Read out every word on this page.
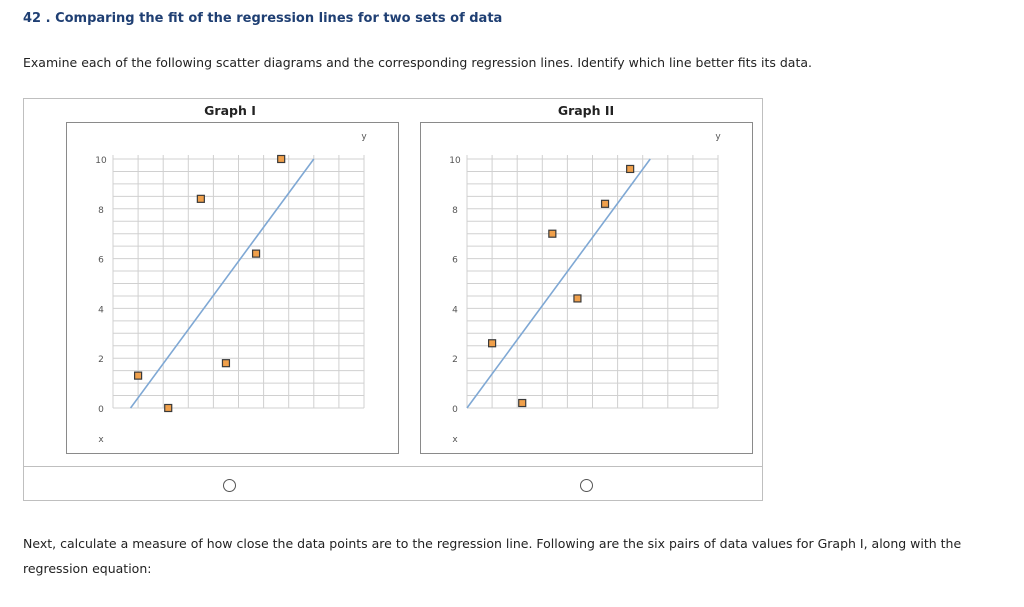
42 . Comparing the fit of the regression lines for two sets of data
Examine each of the following scatter diagrams and the corresponding regression lines. Identify which line better fits its data.
Graph I	Graph II
0
2
4
6
8
10
y
x
0
2
4
6
8
10
y
x
Next, calculate a measure of how close the data points are to the regression line. Following are the six pairs of data values for Graph I, along with the regression equation:
